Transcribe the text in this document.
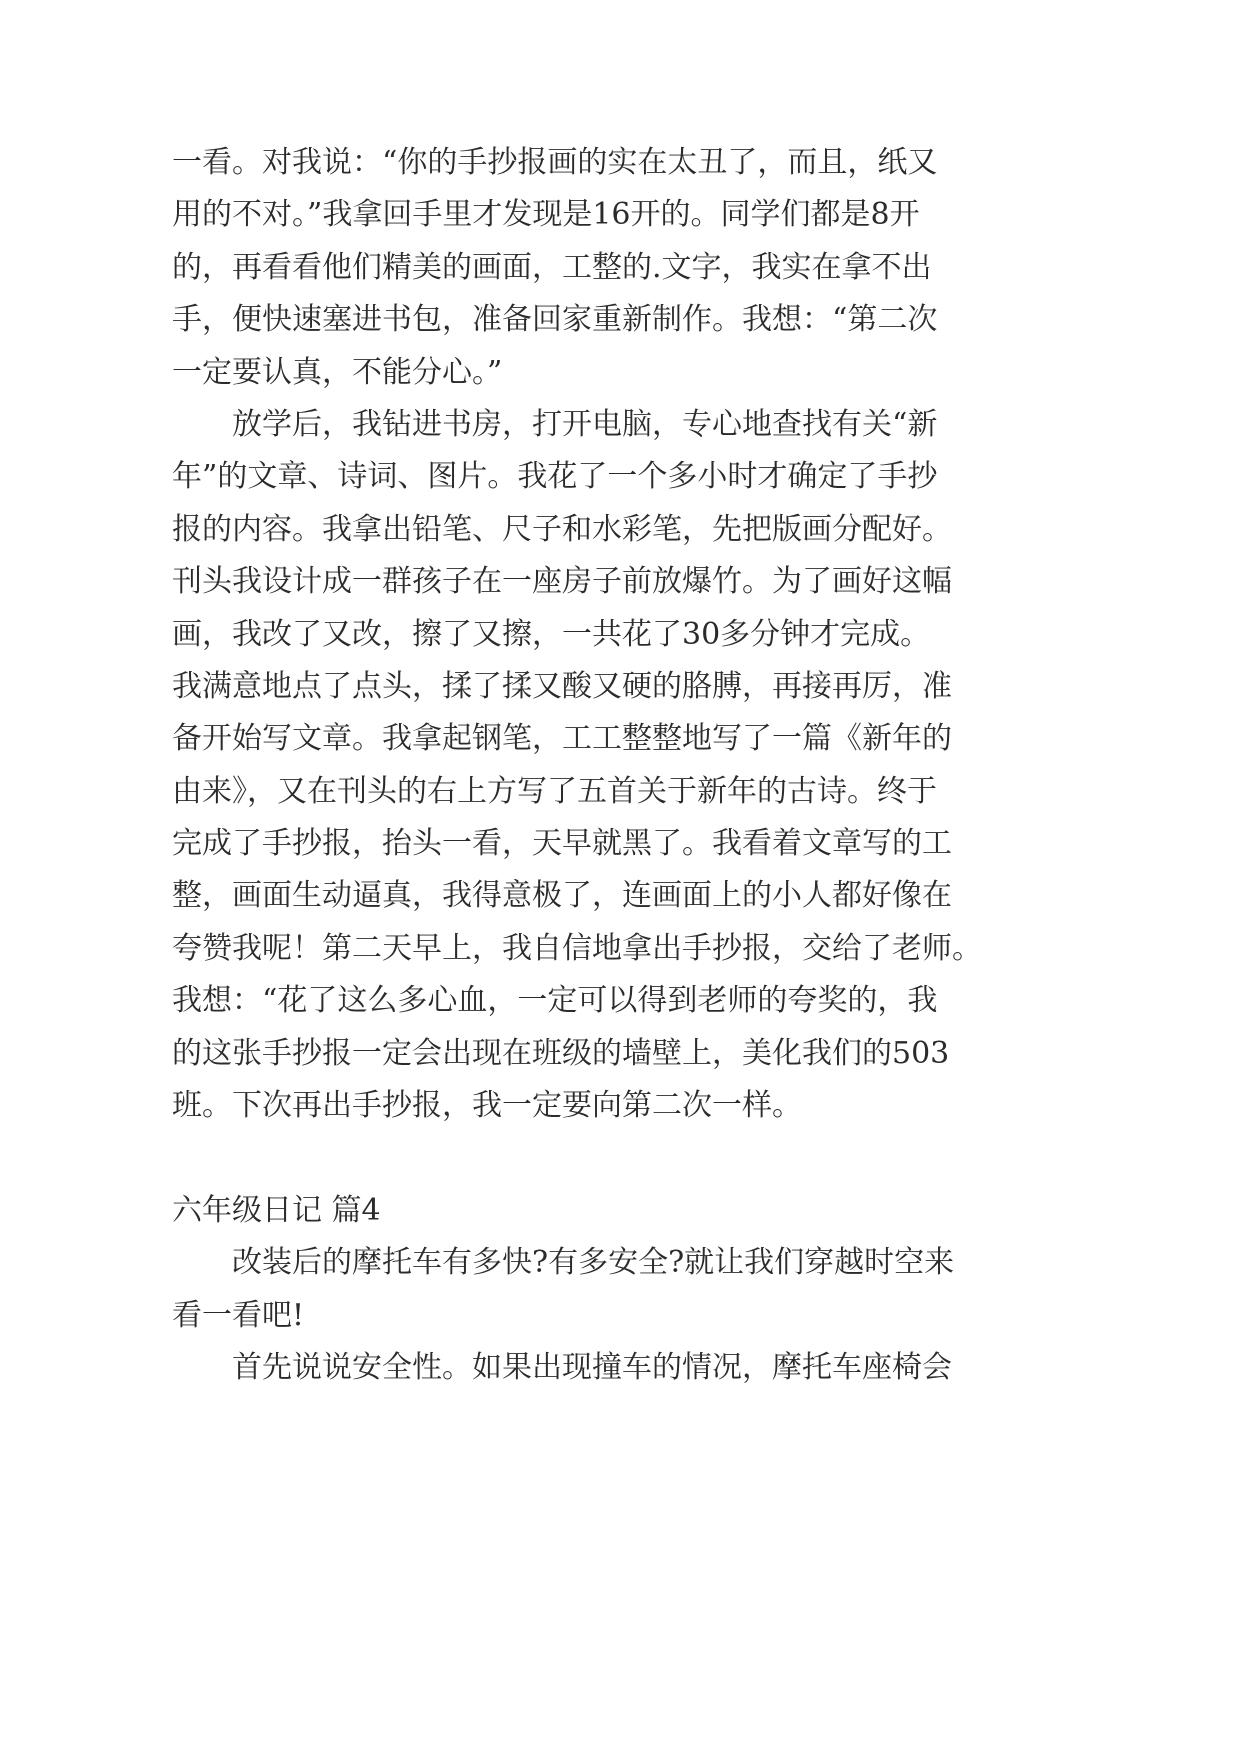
一看。对我说：“你的手抄报画的实在太丑了，而且，纸又
用的不对。”我拿回手里才发现是16开的。同学们都是8开
的，再看看他们精美的画面，工整的.文字，我实在拿不出
手，便快速塞进书包，准备回家重新制作。我想：“第二次
一定要认真，不能分心。”
放学后，我钻进书房，打开电脑，专心地查找有关“新
年”的文章、诗词、图片。我花了一个多小时才确定了手抄
报的内容。我拿出铅笔、尺子和水彩笔，先把版画分配好。
刊头我设计成一群孩子在一座房子前放爆竹。为了画好这幅
画，我改了又改，擦了又擦，一共花了30多分钟才完成。
我满意地点了点头，揉了揉又酸又硬的胳膊，再接再厉，准
备开始写文章。我拿起钢笔，工工整整地写了一篇《新年的
由来》，又在刊头的右上方写了五首关于新年的古诗。终于
完成了手抄报，抬头一看，天早就黑了。我看着文章写的工
整，画面生动逼真，我得意极了，连画面上的小人都好像在
夸赞我呢！第二天早上，我自信地拿出手抄报，交给了老师。
我想：“花了这么多心血，一定可以得到老师的夸奖的，我
的这张手抄报一定会出现在班级的墙壁上，美化我们的503
班。下次再出手抄报，我一定要向第二次一样。
六年级日记 篇4
改装后的摩托车有多快?有多安全?就让我们穿越时空来
看一看吧!
首先说说安全性。如果出现撞车的情况，摩托车座椅会
